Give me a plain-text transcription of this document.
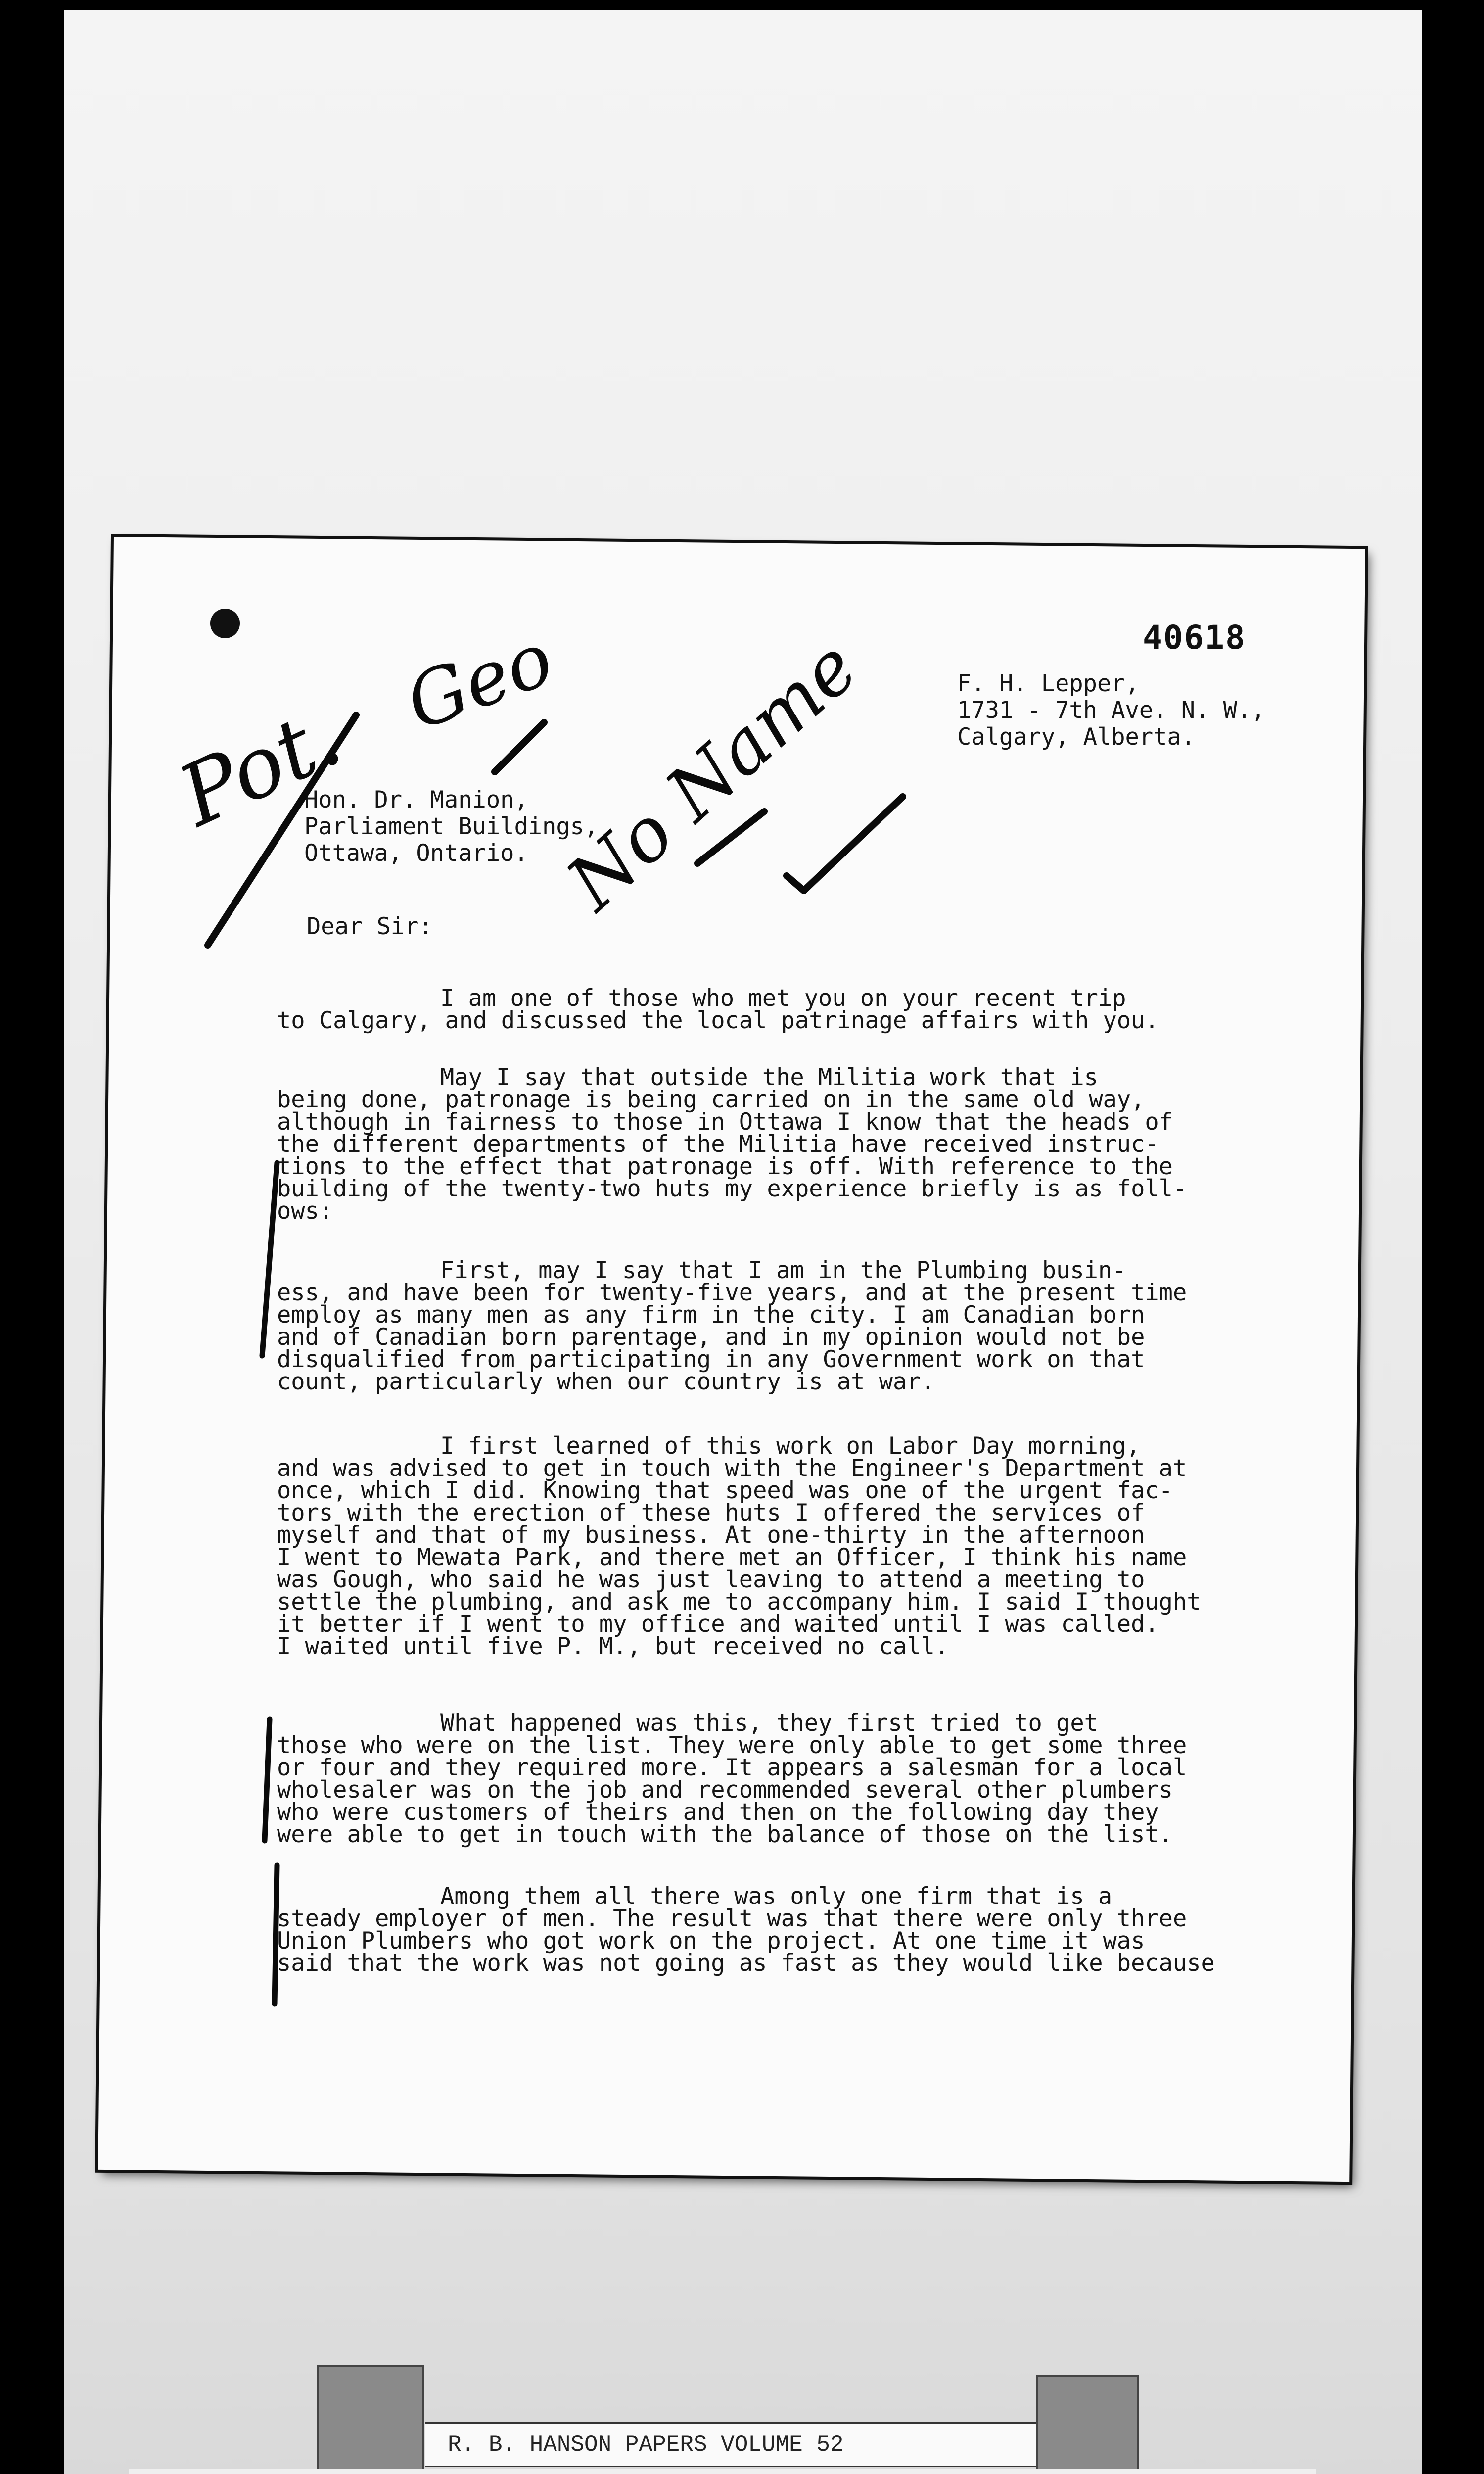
40618
F. H. Lepper,
1731 - 7th Ave. N. W.,
Calgary, Alberta.
Hon. Dr. Manion,
Parliament Buildings,
Ottawa, Ontario.
Dear Sir:

I am one of those who met you on your recent trip

to Calgary, and discussed the local patrinage affairs with you.

May I say that outside the Militia work that is

being done, patronage is being carried on in the same old way,

although in fairness to those in Ottawa I know that the heads of

the different departments of the Militia have received instruc-

tions to the effect that patronage is off. With reference to the

building of the twenty-two huts my experience briefly is as foll-

ows:

First, may I say that I am in the Plumbing busin-

ess, and have been for twenty-five years, and at the present time

employ as many men as any firm in the city. I am Canadian born

and of Canadian born parentage, and in my opinion would not be

disqualified from participating in any Government work on that

count, particularly when our country is at war.

I first learned of this work on Labor Day morning,

and was advised to get in touch with the Engineer's Department at

once, which I did. Knowing that speed was one of the urgent fac-

tors with the erection of these huts I offered the services of

myself and that of my business. At one-thirty in the afternoon

I went to Mewata Park, and there met an Officer, I think his name

was Gough, who said he was just leaving to attend a meeting to

settle the plumbing, and ask me to accompany him. I said I thought

it better if I went to my office and waited until I was called.

I waited until five P. M., but received no call.

What happened was this, they first tried to get

those who were on the list. They were only able to get some three

or four and they required more. It appears a salesman for a local

wholesaler was on the job and recommended several other plumbers

who were customers of theirs and then on the following day they

were able to get in touch with the balance of those on the list.

Among them all there was only one firm that is a

steady employer of men. The result was that there were only three

Union Plumbers who got work on the project. At one time it was

said that the work was not going as fast as they would like because

Pot.
Geo
No Name
R. B. HANSON PAPERS VOLUME 52
